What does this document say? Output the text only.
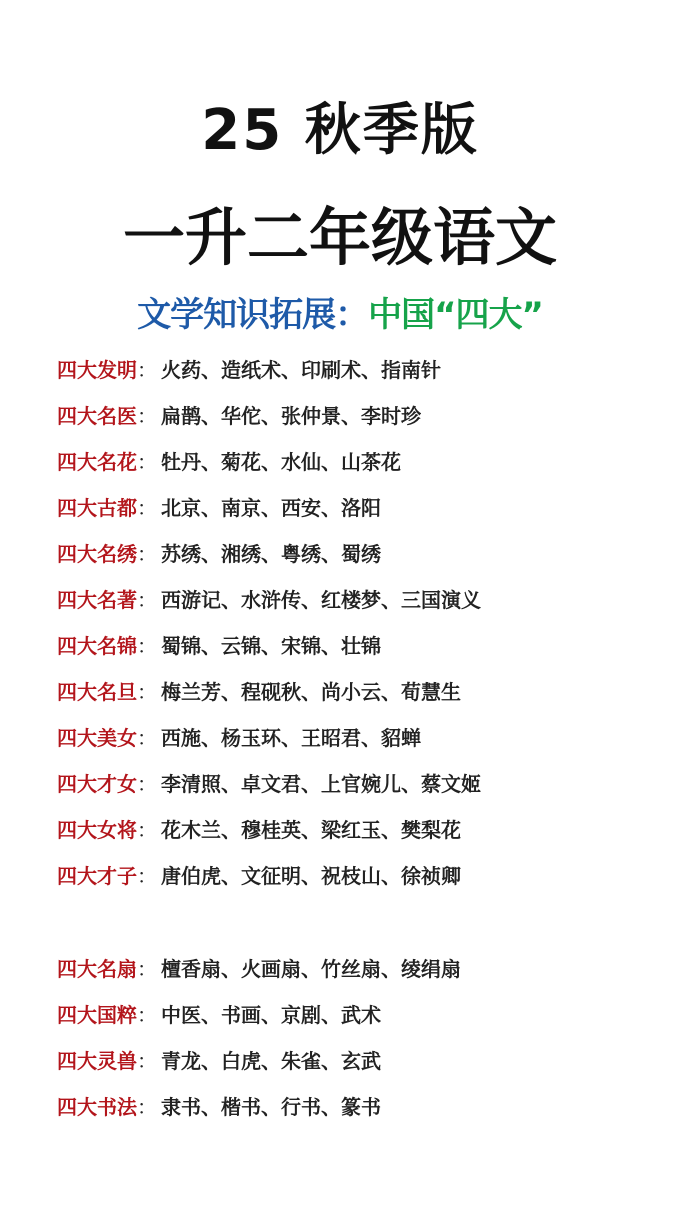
25 秋季版
一升二年级语文
文学知识拓展：中国“四大”
四大发明： 火药、造纸术、印刷术、指南针
四大名医： 扁鹊、华佗、张仲景、李时珍
四大名花： 牡丹、菊花、水仙、山茶花
四大古都： 北京、南京、西安、洛阳
四大名绣： 苏绣、湘绣、粤绣、蜀绣
四大名著： 西游记、水浒传、红楼梦、三国演义
四大名锦： 蜀锦、云锦、宋锦、壮锦
四大名旦： 梅兰芳、程砚秋、尚小云、荀慧生
四大美女： 西施、杨玉环、王昭君、貂蝉
四大才女： 李清照、卓文君、上官婉儿、蔡文姬
四大女将： 花木兰、穆桂英、梁红玉、樊梨花
四大才子： 唐伯虎、文征明、祝枝山、徐祯卿
四大名扇： 檀香扇、火画扇、竹丝扇、绫绢扇
四大国粹： 中医、书画、京剧、武术
四大灵兽： 青龙、白虎、朱雀、玄武
四大书法： 隶书、楷书、行书、篆书
